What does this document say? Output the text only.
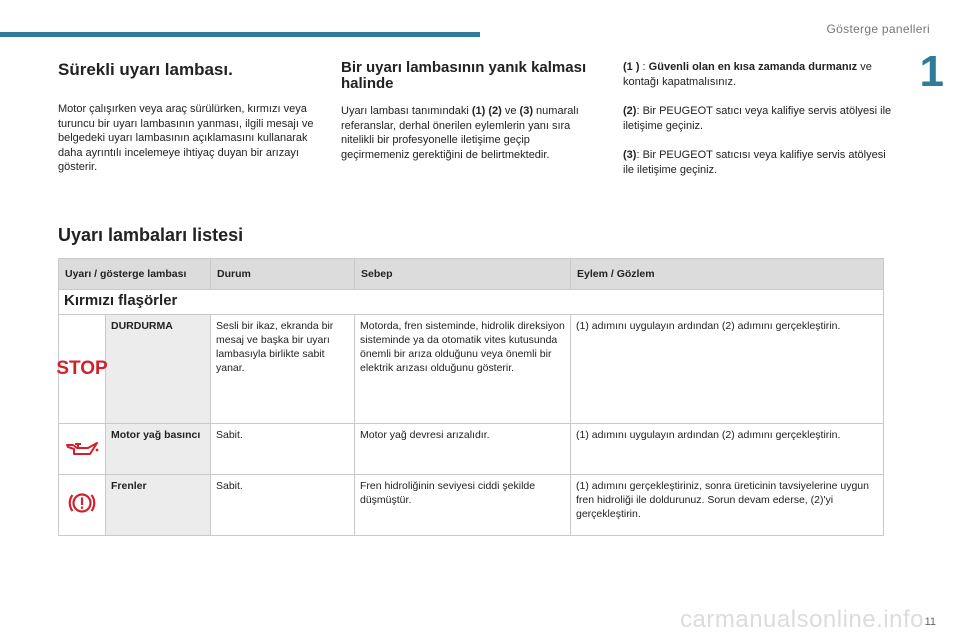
Gösterge panelleri
1
Sürekli uyarı lambası.

Motor çalışırken veya araç sürülürken, kırmızı veya turuncu bir uyarı lambasının yanması, ilgili mesajı ve belgedeki uyarı lambasının açıklamasını kullanarak daha ayrıntılı incelemeye ihtiyaç duyan bir arızayı gösterir.

Bir uyarı lambasının yanık kalması halinde

Uyarı lambası tanımındaki (1) (2) ve (3) numaralı referanslar, derhal önerilen eylemlerin yanı sıra nitelikli bir profesyonelle iletişime geçip geçirmemeniz gerektiğini de belirtmektedir.

(1 ) : Güvenli olan en kısa zamanda durmanız ve kontağı kapatmalısınız.

(2): Bir PEUGEOT satıcı veya kalifiye servis atölyesi ile iletişime geçiniz.

(3): Bir PEUGEOT satıcısı veya kalifiye servis atölyesi ile iletişime geçiniz.

Uyarı lambaları listesi
Uyarı / gösterge lambası		Durum	Sebep	Eylem / Gözlem
Kırmızı flaşörler				

STOP	DURDURMA	Sesli bir ikaz, ekranda bir mesaj ve başka bir uyarı lambasıyla birlikte sabit yanar.	Motorda, fren sisteminde, hidrolik direksiyon sisteminde ya da otomatik vites kutusunda önemli bir arıza olduğunu veya önemli bir elektrik arızası olduğunu gösterir.	(1) adımını uygulayın ardından (2) adımını gerçekleştirin.
	Motor yağ basıncı	Sabit.	Motor yağ devresi arızalıdır.	(1) adımını uygulayın ardından (2) adımını gerçekleştirin.
	Frenler	Sabit.	Fren hidroliğinin seviyesi ciddi şekilde düşmüştür.	(1) adımını gerçekleştiriniz, sonra üreticinin tavsiyelerine uygun fren hidroliği ile doldurunuz. Sorun devam ederse, (2)'yi gerçekleştirin.
carmanualsonline.info 11
